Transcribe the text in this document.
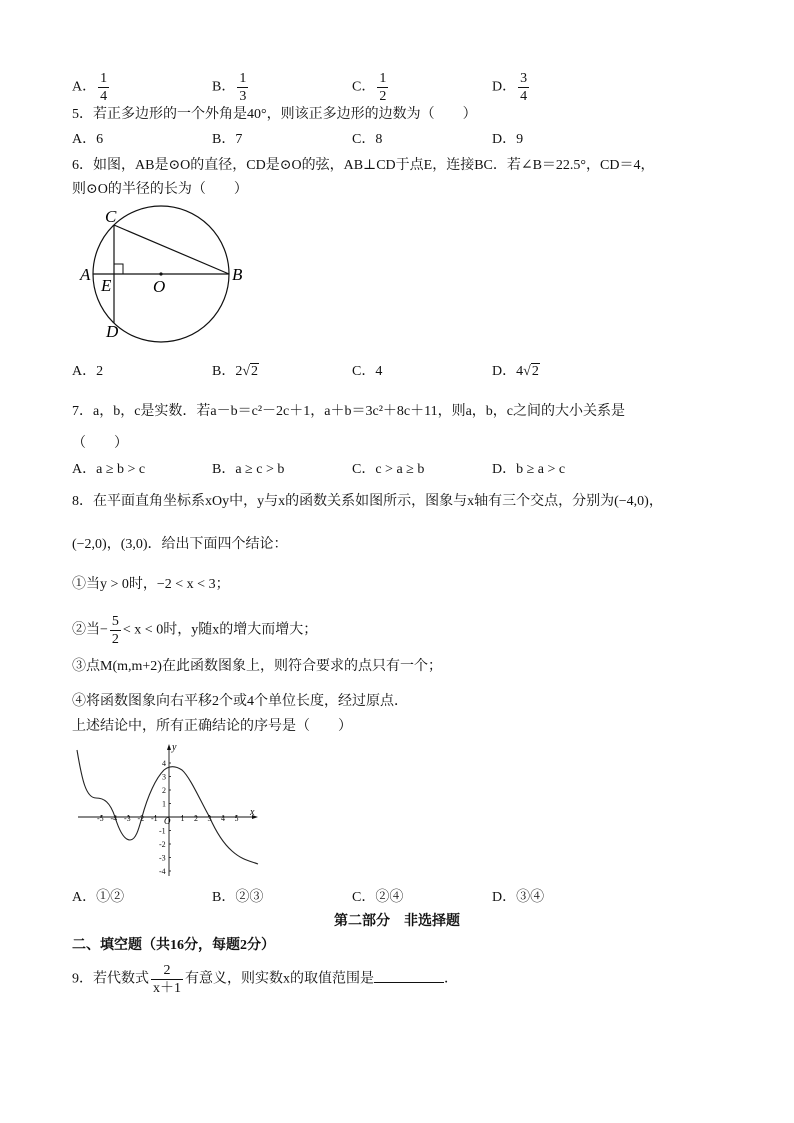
A． $\frac{1}{4}$	B． $\frac{1}{3}$	C． $\frac{1}{2}$	D． $\frac{3}{4}$
5．若正多边形的一个外角是40°，则该正多边形的边数为（　　）
A．6	B．7	C．8	D．9
6．如图，AB是⊙O的直径，CD是⊙O的弦，AB⊥CD于点E，连接BC．若∠B＝22.5°，CD＝4，
则⊙O的半径的长为（　　）
C
A
E O
B
D
A．2	B．2√2	C．4	D．4√2
7．a，b，c是实数．若a－b＝c²－2c＋1，a＋b＝3c²＋8c＋11，则a，b，c之间的大小关系是
（　　）
A．a ≥ b > c	B．a ≥ c > b	C．c > a ≥ b	D．b ≥ a > c
8．在平面直角坐标系xOy中，y与x的函数关系如图所示，图象与x轴有三个交点，分别为(−4,0)，
(−2,0)，(3,0)．给出下面四个结论：
①当y > 0时，−2 < x < 3；
②当− $\frac{5}{2} < x < 0$时，y随x的增大而增大；
③点M(m,m+2)在此函数图象上，则符合要求的点只有一个；
④将函数图象向右平移2个或4个单位长度，经过原点．
上述结论中，所有正确结论的序号是（　　）
-5 -4 -3 -2 -1	1 2 3 4 5
4
3
2
1
-1
-2
-3
-4
O
x
y
A．①②	B．②③	C．②④	D．③④
第二部分　非选择题
二、填空题（共16分，每题2分）
9．若代数式 $\frac{2}{x+1}$ 有意义，则实数x的取值范围是	．
